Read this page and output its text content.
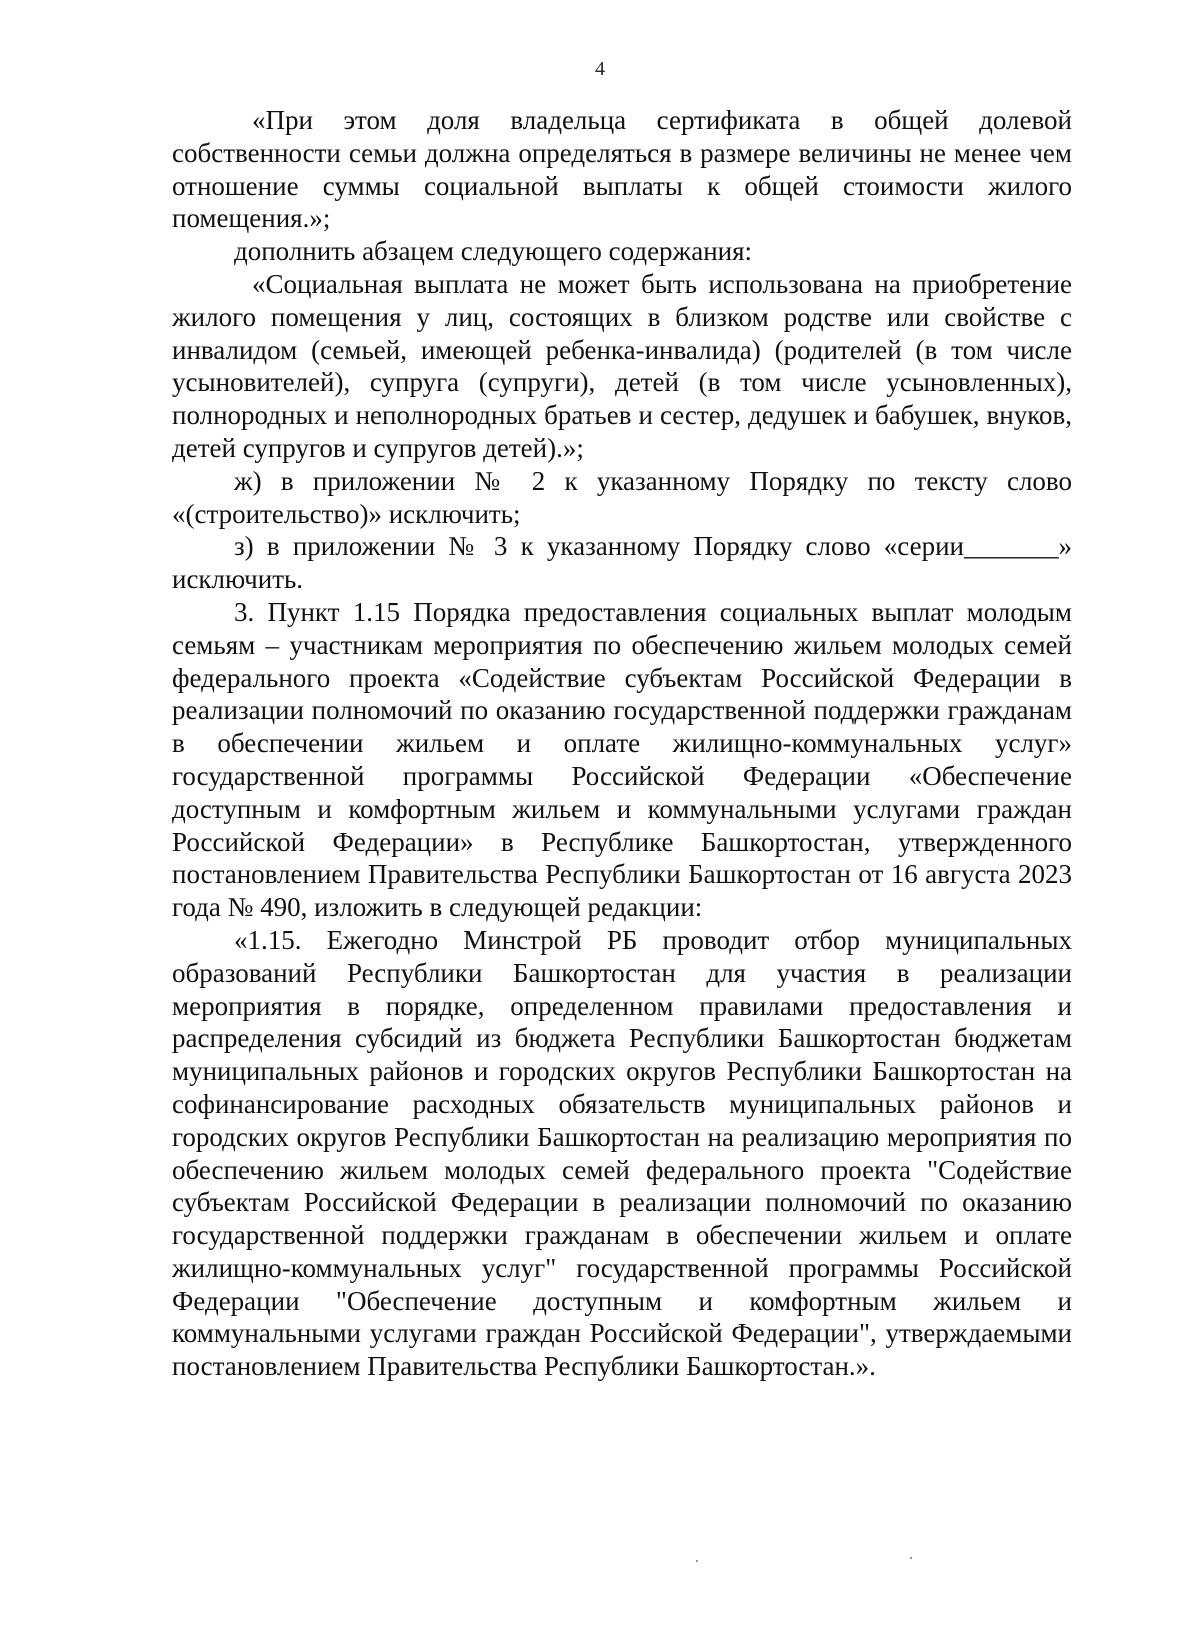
4

«При этом доля владельца сертификата в общей долевой собственности семьи должна определяться в размере величины не менее чем отношение суммы социальной выплаты к общей стоимости жилого помещения.»;

дополнить абзацем следующего содержания:

«Социальная выплата не может быть использована на приобретение жилого помещения у лиц, состоящих в близком родстве или свойстве с инвалидом (семьей, имеющей ребенка-инвалида) (родителей (в том числе усыновителей), супруга (супруги), детей (в том числе усыновленных), полнородных и неполнородных братьев и сестер, дедушек и бабушек, внуков, детей супругов и супругов детей).»;

ж) в приложении № 2 к указанному Порядку по тексту слово «(строительство)» исключить;

з) в приложении № 3 к указанному Порядку слово «серии_______» исключить.

3. Пункт 1.15 Порядка предоставления социальных выплат молодым семьям – участникам мероприятия по обеспечению жильем молодых семей федерального проекта «Содействие субъектам Российской Федерации в реализации полномочий по оказанию государственной поддержки гражданам в обеспечении жильем и оплате жилищно-коммунальных услуг» государственной программы Российской Федерации «Обеспечение доступным и комфортным жильем и коммунальными услугами граждан Российской Федерации» в Республике Башкортостан, утвержденного постановлением Правительства Республики Башкортостан от 16 августа 2023 года № 490, изложить в следующей редакции:

«1.15. Ежегодно Минстрой РБ проводит отбор муниципальных образований Республики Башкортостан для участия в реализации мероприятия в порядке, определенном правилами предоставления и распределения субсидий из бюджета Республики Башкортостан бюджетам муниципальных районов и городских округов Республики Башкортостан на софинансирование расходных обязательств муниципальных районов и городских округов Республики Башкортостан на реализацию мероприятия по обеспечению жильем молодых семей федерального проекта "Содействие субъектам Российской Федерации в реализации полномочий по оказанию государственной поддержки гражданам в обеспечении жильем и оплате жилищно-коммунальных услуг" государственной программы Российской Федерации "Обеспечение доступным и комфортным жильем и коммунальными услугами граждан Российской Федерации", утверждаемыми постановлением Правительства Республики Башкортостан.».
